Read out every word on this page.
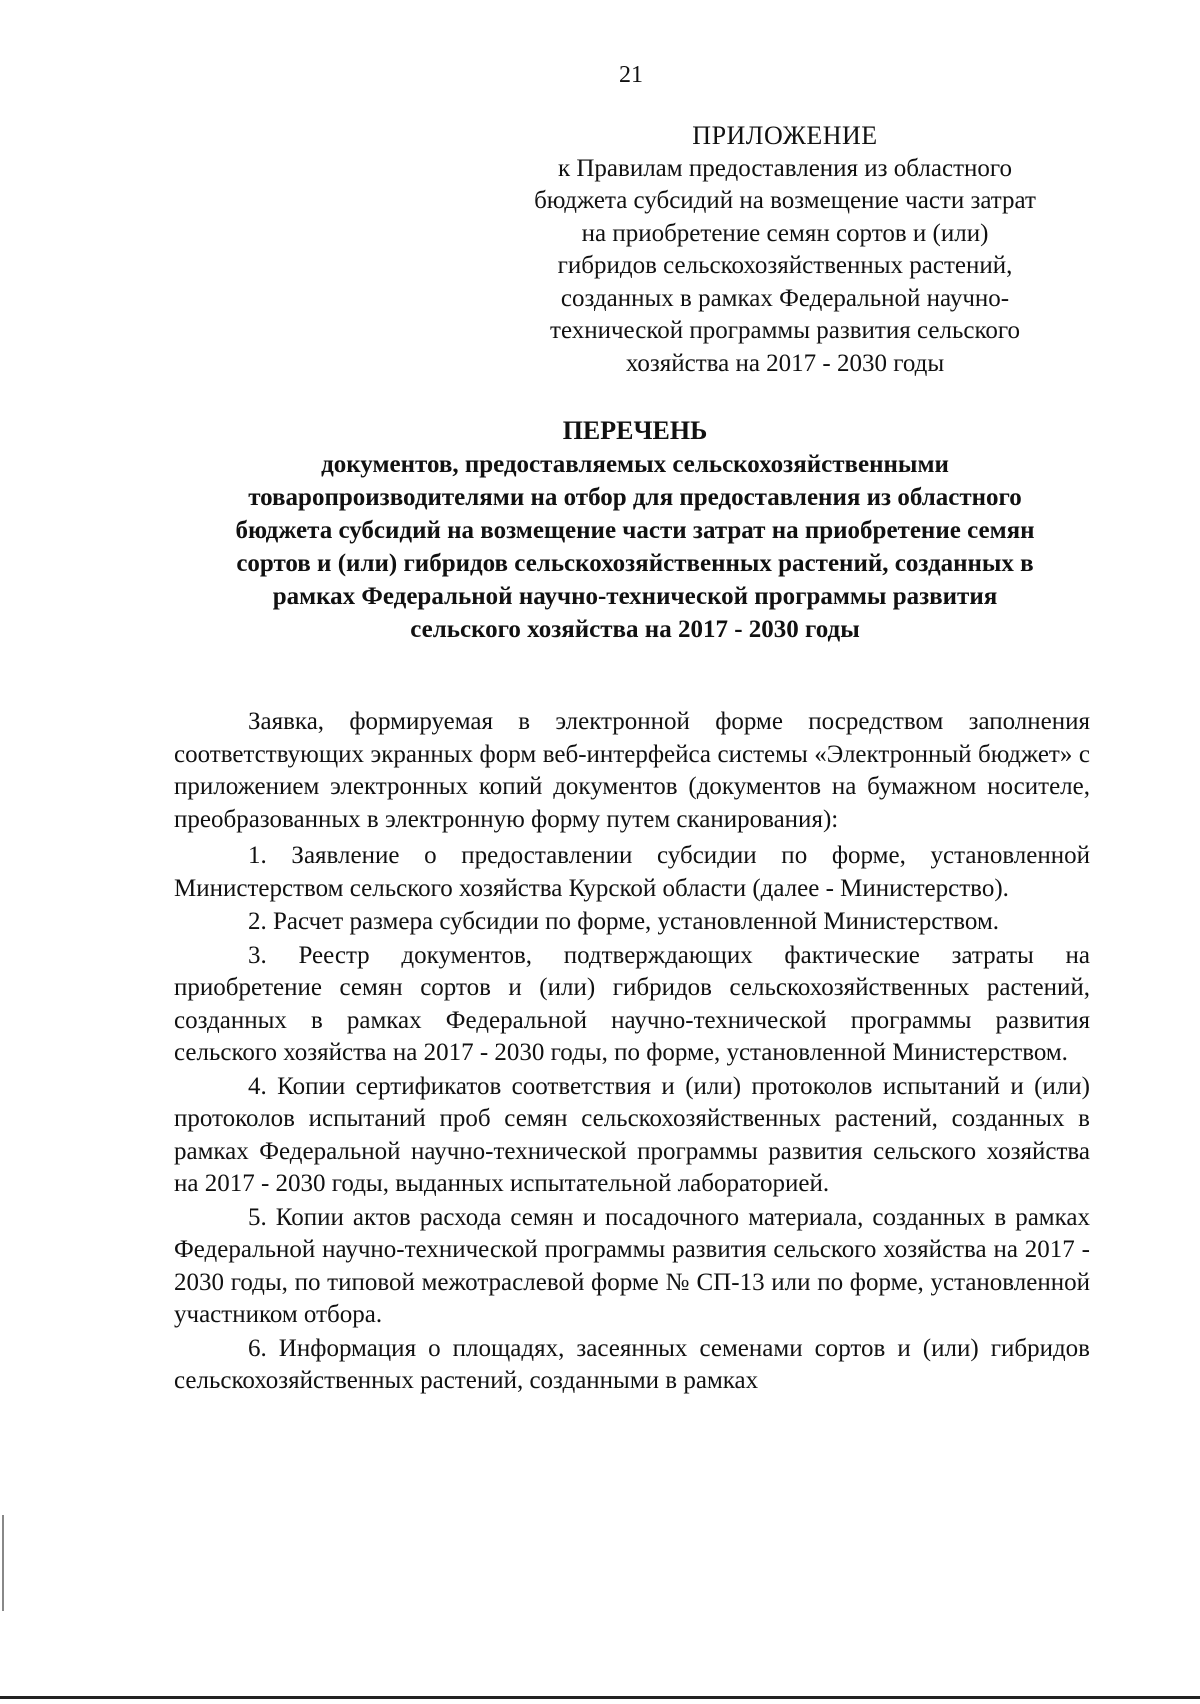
21
ПРИЛОЖЕНИЕ
к Правилам предоставления из областного
бюджета субсидий на возмещение части затрат
на приобретение семян сортов и (или)
гибридов сельскохозяйственных растений,
созданных в рамках Федеральной научно-
технической программы развития сельского
хозяйства на 2017 - 2030 годы
ПЕРЕЧЕНЬ
документов, предоставляемых сельскохозяйственными
товаропроизводителями на отбор для предоставления из областного
бюджета субсидий на возмещение части затрат на приобретение семян
сортов и (или) гибридов сельскохозяйственных растений, созданных в
рамках Федеральной научно-технической программы развития
сельского хозяйства на 2017 - 2030 годы

Заявка, формируемая в электронной форме посредством заполнения соответствующих экранных форм веб-интерфейса системы «Электронный бюджет» с приложением электронных копий документов (документов на бумажном носителе, преобразованных в электронную форму путем сканирования):

1. Заявление о предоставлении субсидии по форме, установленной Министерством сельского хозяйства Курской области (далее - Министерство).

2. Расчет размера субсидии по форме, установленной Министерством.

3. Реестр документов, подтверждающих фактические затраты на приобретение семян сортов и (или) гибридов сельскохозяйственных растений, созданных в рамках Федеральной научно-технической программы развития сельского хозяйства на 2017 - 2030 годы, по форме, установленной Министерством.

4. Копии сертификатов соответствия и (или) протоколов испытаний и (или) протоколов испытаний проб семян сельскохозяйственных растений, созданных в рамках Федеральной научно-технической программы развития сельского хозяйства на 2017 - 2030 годы, выданных испытательной лабораторией.

5. Копии актов расхода семян и посадочного материала, созданных в рамках Федеральной научно-технической программы развития сельского хозяйства на 2017 - 2030 годы, по типовой межотраслевой форме № СП-13 или по форме, установленной участником отбора.

6. Информация о площадях, засеянных семенами сортов и (или) гибридов сельскохозяйственных растений, созданными в рамках
